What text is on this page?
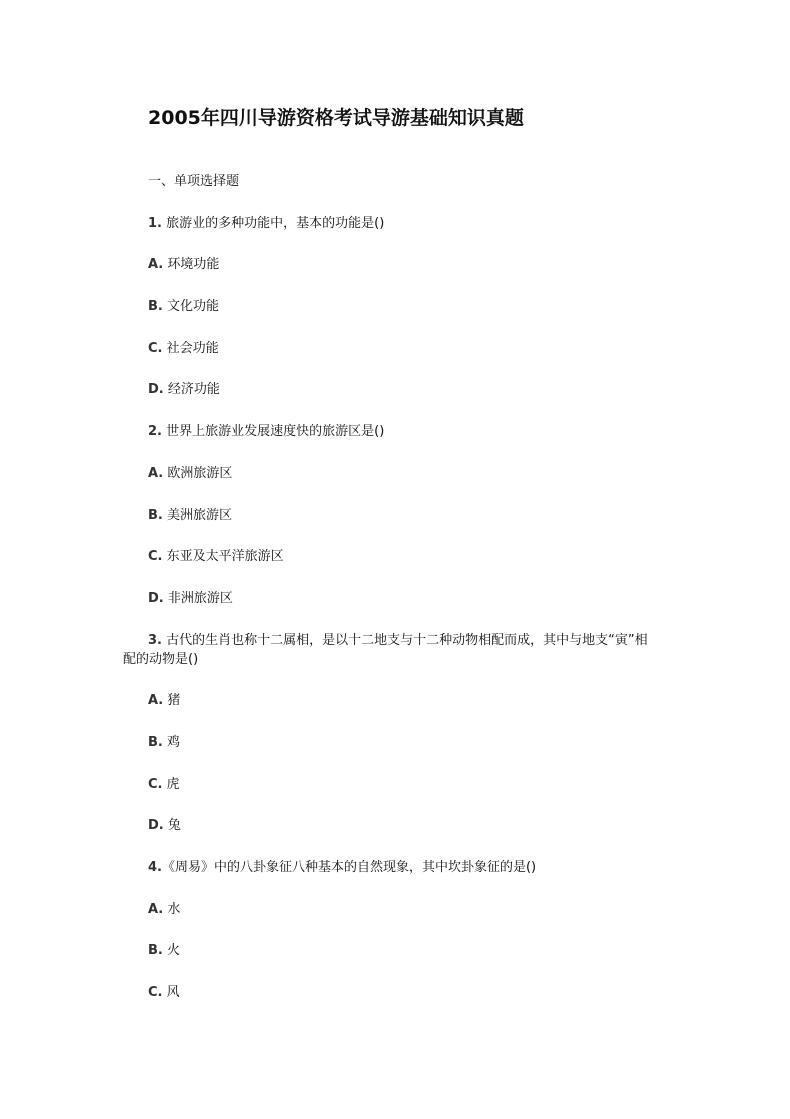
2005年四川导游资格考试导游基础知识真题

一、单项选择题

1. 旅游业的多种功能中，基本的功能是()

A. 环境功能

B. 文化功能

C. 社会功能

D. 经济功能

2. 世界上旅游业发展速度快的旅游区是()

A. 欧洲旅游区

B. 美洲旅游区

C. 东亚及太平洋旅游区

D. 非洲旅游区

3. 古代的生肖也称十二属相，是以十二地支与十二种动物相配而成，其中与地支“寅”相配的动物是()

A. 猪

B. 鸡

C. 虎

D. 兔

4.《周易》中的八卦象征八种基本的自然现象，其中坎卦象征的是()

A. 水

B. 火

C. 风
